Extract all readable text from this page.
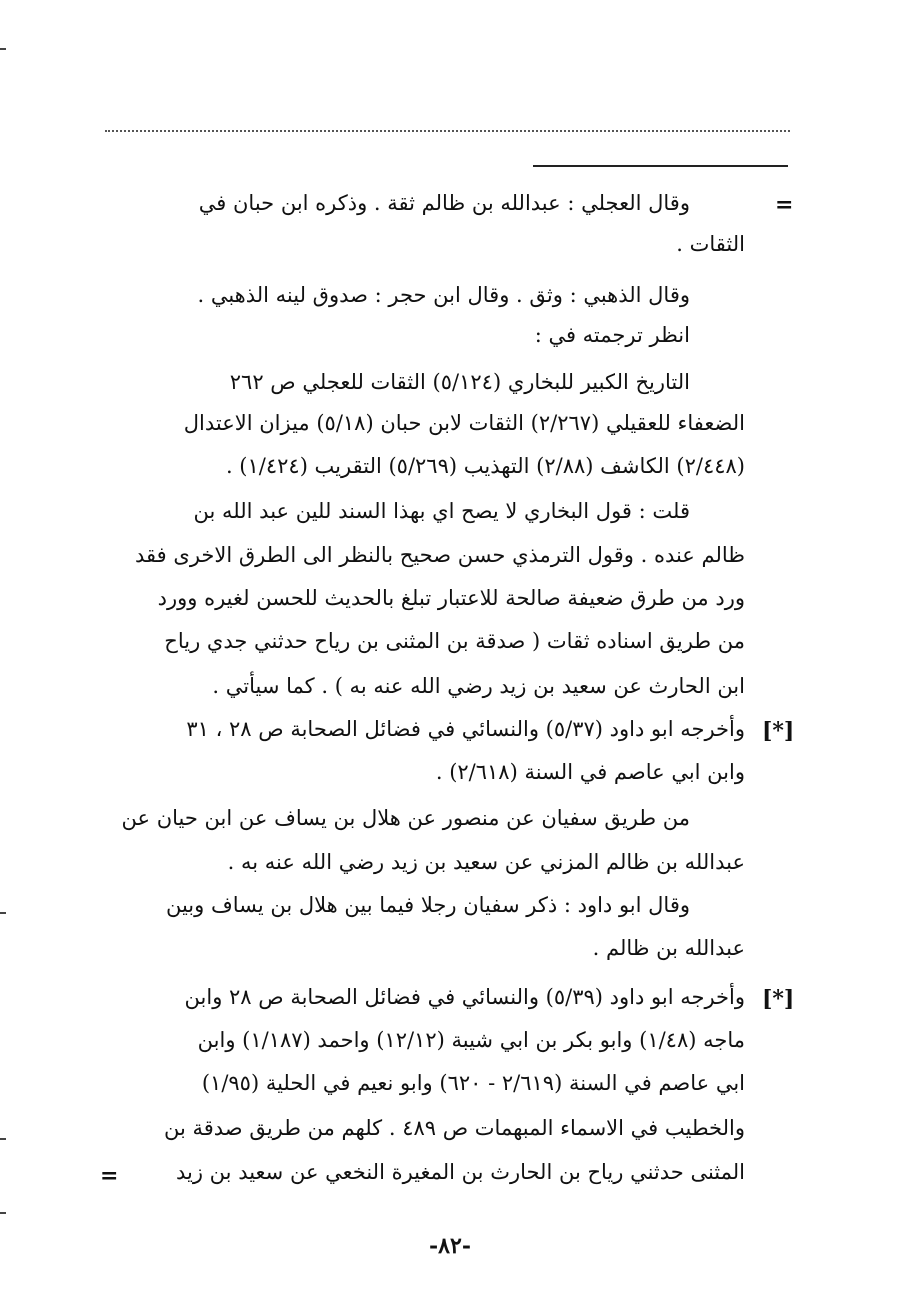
=
وقال العجلي : عبدالله بن ظالم ثقة . وذكره ابن حبان في
الثقات .
وقال الذهبي : وثق . وقال ابن حجر : صدوق لينه الذهبي .
انظر ترجمته في :
التاريخ الكبير للبخاري (٥/١٢٤) الثقات للعجلي ص ٢٦٢
الضعفاء للعقيلي (٢/٢٦٧) الثقات لابن حبان (٥/١٨) ميزان الاعتدال
(٢/٤٤٨) الكاشف (٢/٨٨) التهذيب (٥/٢٦٩) التقريب (١/٤٢٤) .
قلت : قول البخاري لا يصح اي بهذا السند للين عبد الله بن
ظالم عنده . وقول الترمذي حسن صحيح بالنظر الى الطرق الاخرى فقد
ورد من طرق ضعيفة صالحة للاعتبار تبلغ بالحديث للحسن لغيره وورد
من طريق اسناده ثقات ( صدقة بن المثنى بن رياح حدثني جدي رياح
ابن الحارث عن سعيد بن زيد رضي الله عنه به ) . كما سيأتي .
[*]
وأخرجه ابو داود (٥/٣٧) والنسائي في فضائل الصحابة ص ٢٨ ، ٣١
وابن ابي عاصم في السنة (٢/٦١٨) .
من طريق سفيان عن منصور عن هلال بن يساف عن ابن حيان عن
عبدالله بن ظالم المزني عن سعيد بن زيد رضي الله عنه به .
وقال ابو داود : ذكر سفيان رجلا فيما بين هلال بن يساف وبين
عبدالله بن ظالم .
[*]
وأخرجه ابو داود (٥/٣٩) والنسائي في فضائل الصحابة ص ٢٨ وابن
ماجه (١/٤٨) وابو بكر بن ابي شيبة (١٢/١٢) واحمد (١/١٨٧) وابن
ابي عاصم في السنة (٢/٦١٩ - ٦٢٠) وابو نعيم في الحلية (١/٩٥)
والخطيب في الاسماء المبهمات ص ٤٨٩ . كلهم من طريق صدقة بن
المثنى حدثني رياح بن الحارث بن المغيرة النخعي عن سعيد بن زيد
=
-٨٢-
